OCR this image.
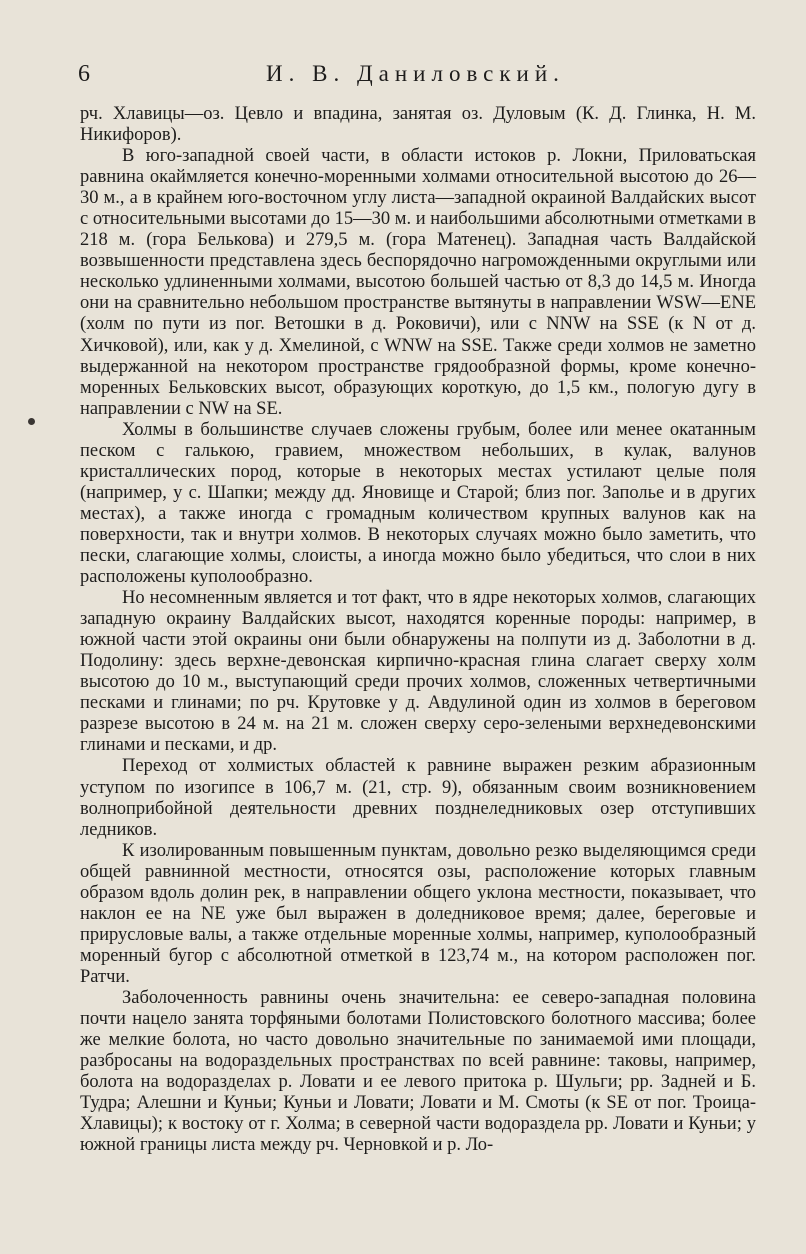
6	И. В. Даниловский.

рч. Хлавицы—оз. Цевло и впадина, занятая оз. Дуловым (К. Д. Глинка, Н. М. Никифоров).

В юго-западной своей части, в области истоков р. Локни, Приловатьская равнина окаймляется конечно-моренными холмами относительной высотою до 26—30 м., а в крайнем юго-восточном углу листа—западной окраиной Валдайских высот с относительными высотами до 15—30 м. и наибольшими абсолютными отметками в 218 м. (гора Белькова) и 279,5 м. (гора Матенец). Западная часть Валдайской возвышенности представлена здесь беспорядочно нагроможденными округлыми или несколько удлиненными холмами, высотою большей частью от 8,3 до 14,5 м. Иногда они на сравнительно небольшом пространстве вытянуты в направлении WSW—ENE (холм по пути из пог. Ветошки в д. Роковичи), или с NNW на SSE (к N от д. Хичковой), или, как у д. Хмелиной, с WNW на SSE. Также среди холмов не заметно выдержанной на некотором пространстве грядообразной формы, кроме конечно-моренных Бельковских высот, образующих короткую, до 1,5 км., пологую дугу в направлении с NW на SE.

Холмы в большинстве случаев сложены грубым, более или менее окатанным песком с галькою, гравием, множеством небольших, в кулак, валунов кристаллических пород, которые в некоторых местах устилают целые поля (например, у с. Шапки; между дд. Яновище и Старой; близ пог. Заполье и в других местах), а также иногда с громадным количеством крупных валунов как на поверхности, так и внутри холмов. В некоторых случаях можно было заметить, что пески, слагающие холмы, слоисты, а иногда можно было убедиться, что слои в них расположены куполообразно.

Но несомненным является и тот факт, что в ядре некоторых холмов, слагающих западную окраину Валдайских высот, находятся коренные породы: например, в южной части этой окраины они были обнаружены на полпути из д. Заболотни в д. Подолину: здесь верхне-девонская кирпично-красная глина слагает сверху холм высотою до 10 м., выступающий среди прочих холмов, сложенных четвертичными песками и глинами; по рч. Крутовке у д. Авдулиной один из холмов в береговом разрезе высотою в 24 м. на 21 м. сложен сверху серо-зелеными верхнедевонскими глинами и песками, и др.

Переход от холмистых областей к равнине выражен резким абразионным уступом по изогипсе в 106,7 м. (21, стр. 9), обязанным своим возникновением волноприбойной деятельности древних позднеледниковых озер отступивших ледников.

К изолированным повышенным пунктам, довольно резко выделяющимся среди общей равнинной местности, относятся озы, расположение которых главным образом вдоль долин рек, в направлении общего уклона местности, показывает, что наклон ее на NE уже был выражен в доледниковое время; далее, береговые и прирусловые валы, а также отдельные моренные холмы, например, куполообразный моренный бугор с абсолютной отметкой в 123,74 м., на котором расположен пог. Ратчи.

Заболоченность равнины очень значительна: ее северо-западная половина почти нацело занята торфяными болотами Полистовского болотного массива; более же мелкие болота, но часто довольно значительные по занимаемой ими площади, разбросаны на водораздельных пространствах по всей равнине: таковы, например, болота на водоразделах р. Ловати и ее левого притока р. Шульги; рр. Задней и Б. Тудра; Алешни и Куньи; Куньи и Ловати; Ловати и М. Смоты (к SE от пог. Троица-Хлавицы); к востоку от г. Холма; в северной части водораздела рр. Ловати и Куньи; у южной границы листа между рч. Черновкой и р. Ло-
